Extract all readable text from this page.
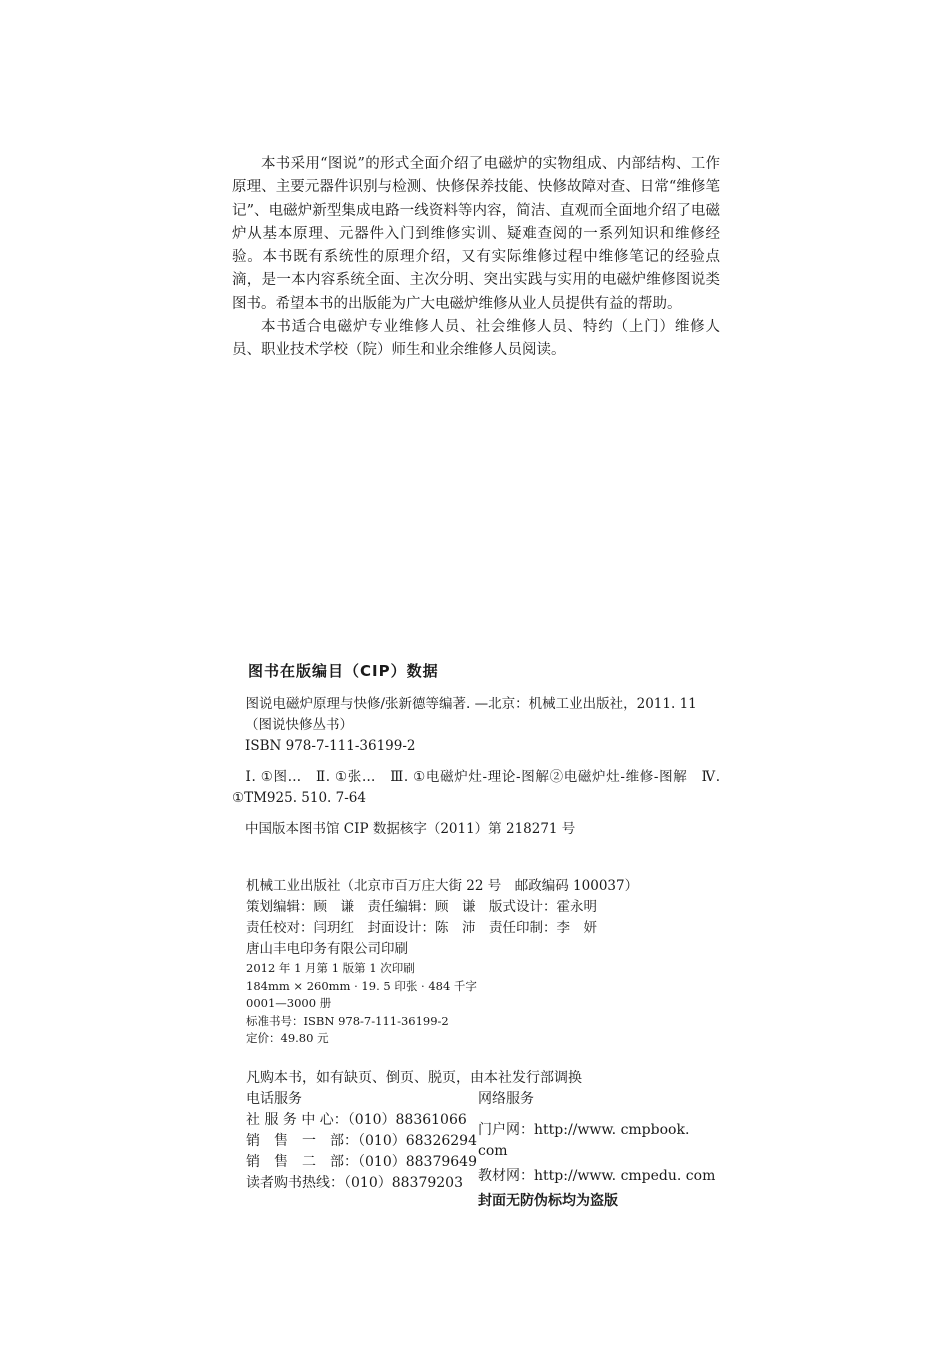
本书采用“图说”的形式全面介绍了电磁炉的实物组成、内部结构、工作原理、主要元器件识别与检测、快修保养技能、快修故障对查、日常“维修笔记”、电磁炉新型集成电路一线资料等内容，简洁、直观而全面地介绍了电磁炉从基本原理、元器件入门到维修实训、疑难查阅的一系列知识和维修经验。本书既有系统性的原理介绍，又有实际维修过程中维修笔记的经验点滴，是一本内容系统全面、主次分明、突出实践与实用的电磁炉维修图说类图书。希望本书的出版能为广大电磁炉维修从业人员提供有益的帮助。

本书适合电磁炉专业维修人员、社会维修人员、特约（上门）维修人员、职业技术学校（院）师生和业余维修人员阅读。

图书在版编目（CIP）数据
图说电磁炉原理与快修/张新德等编著. —北京：机械工业出版社，2011. 11
（图说快修丛书）
ISBN 978-7-111-36199-2
Ⅰ. ①图…　Ⅱ. ①张…　Ⅲ. ①电磁炉灶-理论-图解②电磁炉灶-维修-图解　Ⅳ. ①TM925. 510. 7-64
中国版本图书馆 CIP 数据核字（2011）第 218271 号
机械工业出版社（北京市百万庄大街 22 号　邮政编码 100037）
策划编辑：顾　谦　责任编辑：顾　谦　版式设计：霍永明
责任校对：闫玥红　封面设计：陈　沛　责任印制：李　妍
唐山丰电印务有限公司印刷
2012 年 1 月第 1 版第 1 次印刷
184mm × 260mm · 19. 5 印张 · 484 千字
0001—3000 册
标准书号：ISBN 978-7-111-36199-2
定价：49.80 元
凡购本书，如有缺页、倒页、脱页，由本社发行部调换
电话服务	网络服务
社 服 务 中 心：（010）88361066
销　售　一　部：（010）68326294
销　售　二　部：（010）88379649
读者购书热线：（010）88379203
门户网：http://www. cmpbook. com
教材网：http://www. cmpedu. com
封面无防伪标均为盗版
